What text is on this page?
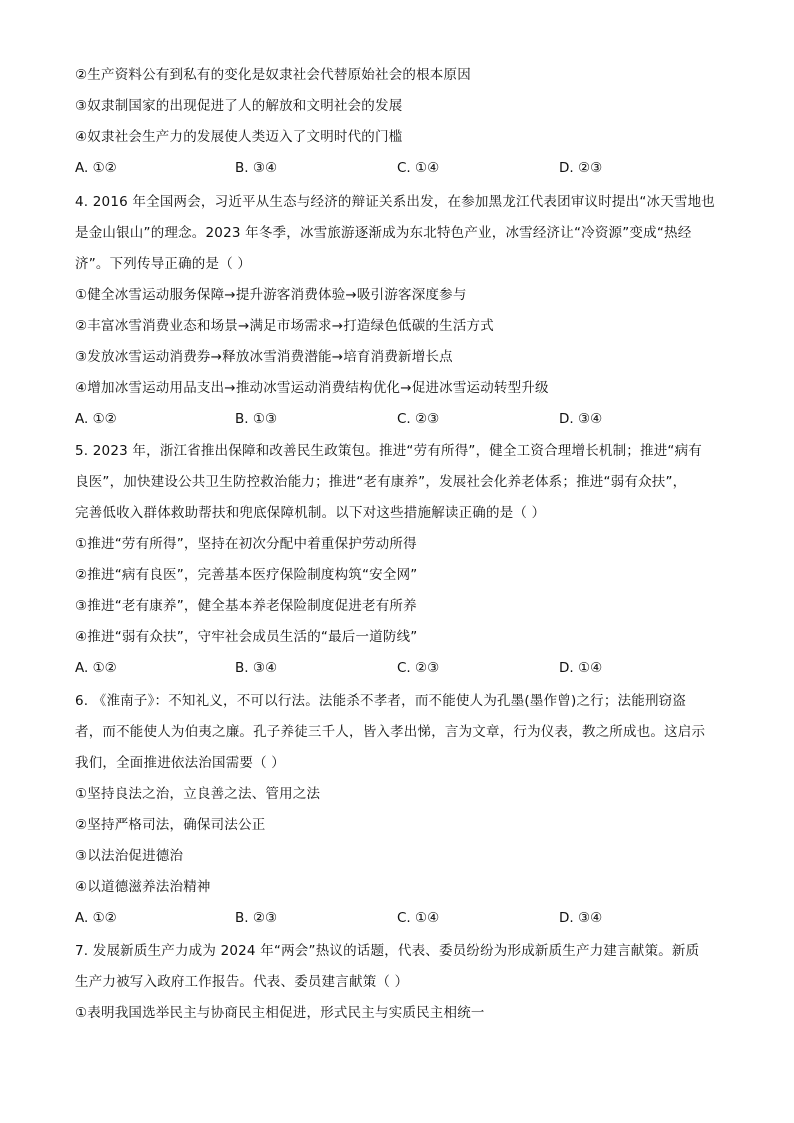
②生产资料公有到私有的变化是奴隶社会代替原始社会的根本原因
③奴隶制国家的出现促进了人的解放和文明社会的发展
④奴隶社会生产力的发展使人类迈入了文明时代的门槛
A. ①②	B. ③④	C. ①④	D. ②③
4. 2016 年全国两会，习近平从生态与经济的辩证关系出发，在参加黑龙江代表团审议时提出“冰天雪地也
是金山银山”的理念。2023 年冬季，冰雪旅游逐渐成为东北特色产业，冰雪经济让“冷资源”变成“热经
济”。下列传导正确的是（ ）
①健全冰雪运动服务保障→提升游客消费体验→吸引游客深度参与
②丰富冰雪消费业态和场景→满足市场需求→打造绿色低碳的生活方式
③发放冰雪运动消费券→释放冰雪消费潜能→培育消费新增长点
④增加冰雪运动用品支出→推动冰雪运动消费结构优化→促进冰雪运动转型升级
A. ①②	B. ①③	C. ②③	D. ③④
5. 2023 年，浙江省推出保障和改善民生政策包。推进“劳有所得”，健全工资合理增长机制；推进“病有
良医”，加快建设公共卫生防控救治能力；推进“老有康养”，发展社会化养老体系；推进“弱有众扶”，
完善低收入群体救助帮扶和兜底保障机制。以下对这些措施解读正确的是（ ）
①推进“劳有所得”，坚持在初次分配中着重保护劳动所得
②推进“病有良医”，完善基本医疗保险制度构筑“安全网”
③推进“老有康养”，健全基本养老保险制度促进老有所养
④推进“弱有众扶”，守牢社会成员生活的“最后一道防线”
A. ①②	B. ③④	C. ②③	D. ①④
6. 《淮南子》：不知礼义，不可以行法。法能杀不孝者，而不能使人为孔墨(墨作曾)之行；法能刑窃盗
者，而不能使人为伯夷之廉。孔子养徒三千人，皆入孝出悌，言为文章，行为仪表，教之所成也。这启示
我们，全面推进依法治国需要（ ）
①坚持良法之治，立良善之法、管用之法
②坚持严格司法，确保司法公正
③以法治促进德治
④以道德滋养法治精神
A. ①②	B. ②③	C. ①④	D. ③④
7. 发展新质生产力成为 2024 年“两会”热议的话题，代表、委员纷纷为形成新质生产力建言献策。新质
生产力被写入政府工作报告。代表、委员建言献策（ ）
①表明我国选举民主与协商民主相促进，形式民主与实质民主相统一
